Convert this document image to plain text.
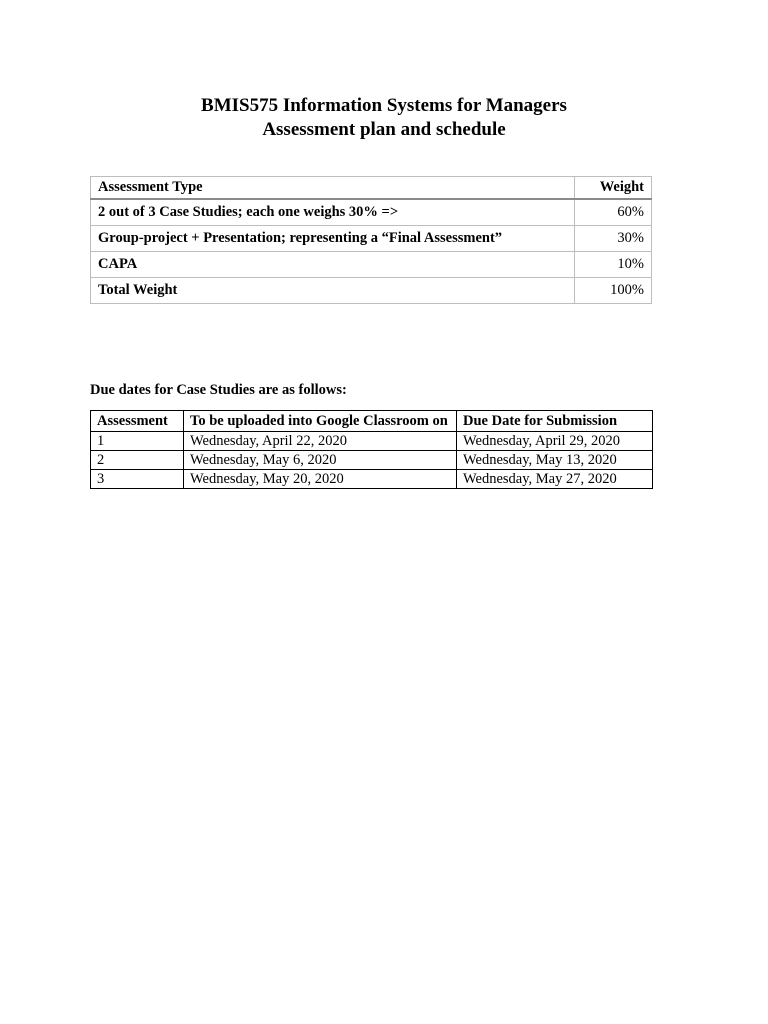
BMIS575 Information Systems for Managers
Assessment plan and schedule
Assessment Type	Weight
2 out of 3 Case Studies; each one weighs 30% =>	60%
Group-project + Presentation; representing a “Final Assessment”	30%
CAPA	10%
Total Weight	100%
Due dates for Case Studies are as follows:
Assessment	To be uploaded into Google Classroom on	Due Date for Submission
1	Wednesday, April 22, 2020	Wednesday, April 29, 2020
2	Wednesday, May 6, 2020	Wednesday, May 13, 2020
3	Wednesday, May 20, 2020	Wednesday, May 27, 2020
